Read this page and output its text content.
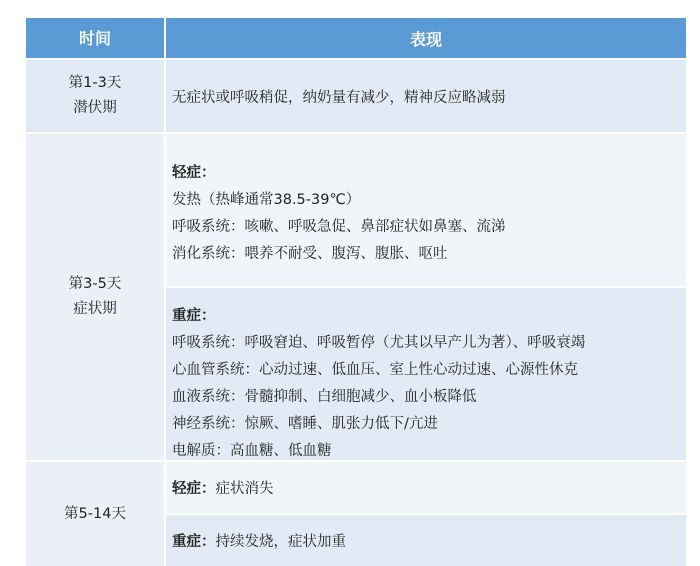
时间	表现
第1-3天
潜伏期
无症状或呼吸稍促，纳奶量有减少，精神反应略减弱
第3-5天
症状期
轻症：
发热（热峰通常38.5-39℃）
呼吸系统：咳嗽、呼吸急促、鼻部症状如鼻塞、流涕
消化系统：喂养不耐受、腹泻、腹胀、呕吐
重症：
呼吸系统：呼吸窘迫、呼吸暂停（尤其以早产儿为著）、呼吸衰竭
心血管系统：心动过速、低血压、室上性心动过速、心源性休克
血液系统：骨髓抑制、白细胞减少、血小板降低
神经系统：惊厥、嗜睡、肌张力低下/亢进
电解质：高血糖、低血糖
第5-14天
轻症： 症状消失
重症： 持续发烧，症状加重
